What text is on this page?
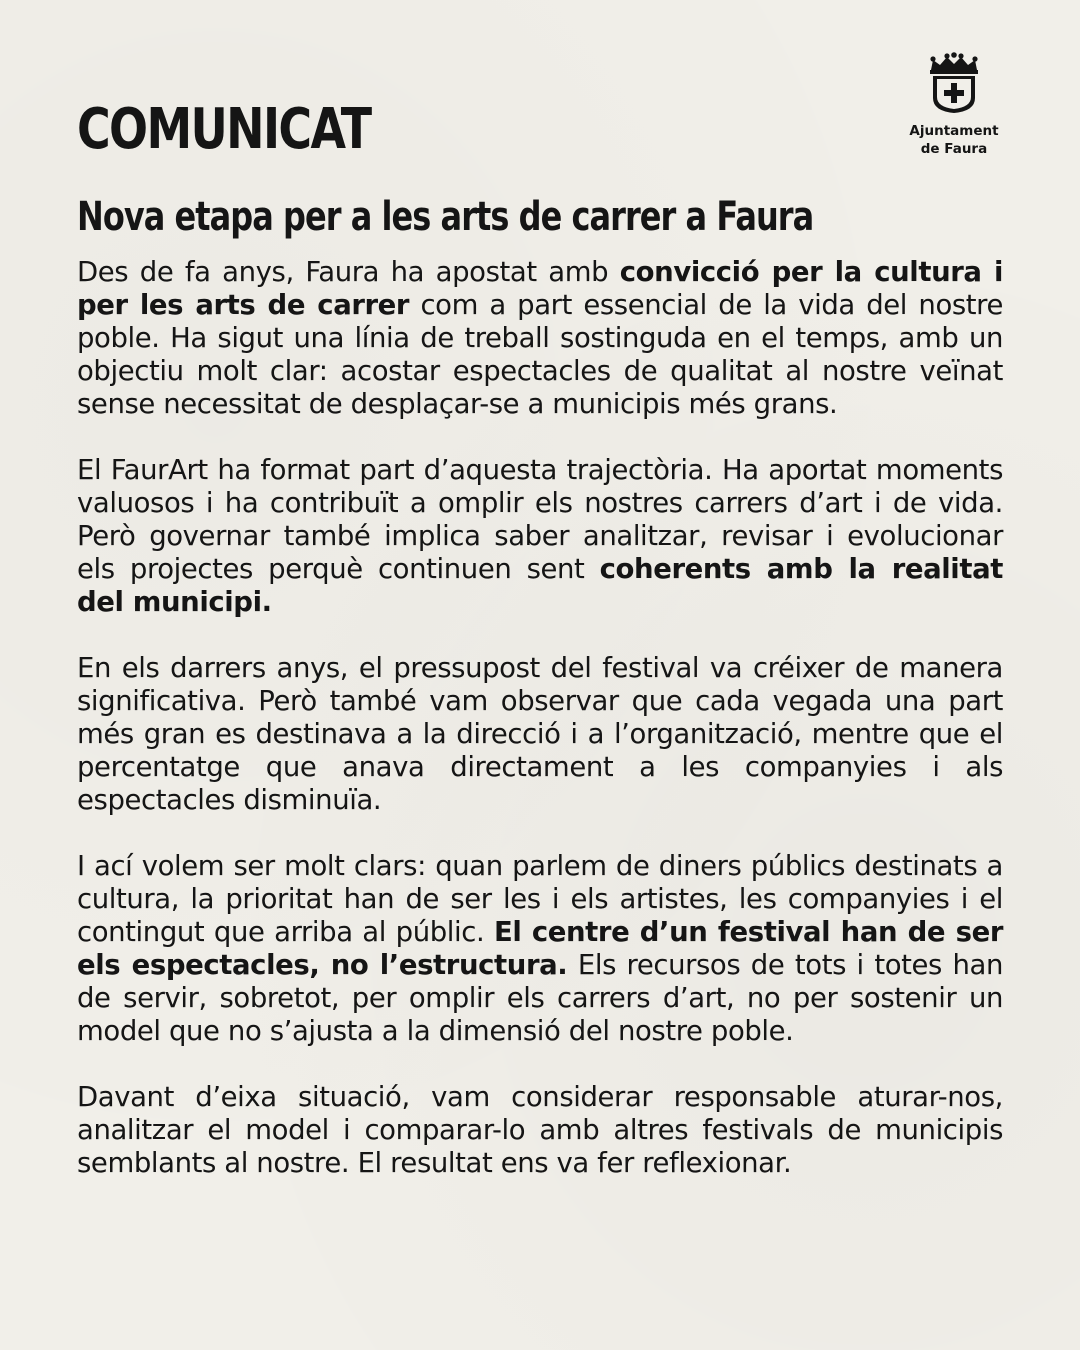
COMUNICAT
Nova etapa per a les arts de carrer a Faura
Ajuntament
de Faura

Des de fa anys, Faura ha apostat amb convicció per la cultura i per les arts de carrer com a part essencial de la vida del nostre poble. Ha sigut una línia de treball sostinguda en el temps, amb un objectiu molt clar: acostar espectacles de qualitat al nostre veïnat sense necessitat de desplaçar-se a municipis més grans.

El FaurArt ha format part d’aquesta trajectòria. Ha aportat moments valuosos i ha contribuït a omplir els nostres carrers d’art i de vida. Però governar també implica saber analitzar, revisar i evolucionar els projectes perquè continuen sent coherents amb la realitat del municipi.

En els darrers anys, el pressupost del festival va créixer de manera significativa. Però també vam observar que cada vegada una part més gran es destinava a la direcció i a l’organització, mentre que el percentatge que anava directament a les companyies i als espectacles disminuïa.

I ací volem ser molt clars: quan parlem de diners públics destinats a cultura, la prioritat han de ser les i els artistes, les companyies i el contingut que arriba al públic. El centre d’un festival han de ser els espectacles, no l’estructura. Els recursos de tots i totes han de servir, sobretot, per omplir els carrers d’art, no per sostenir un model que no s’ajusta a la dimensió del nostre poble.

Davant d’eixa situació, vam considerar responsable aturar-nos, analitzar el model i comparar-lo amb altres festivals de municipis semblants al nostre. El resultat ens va fer reflexionar.
